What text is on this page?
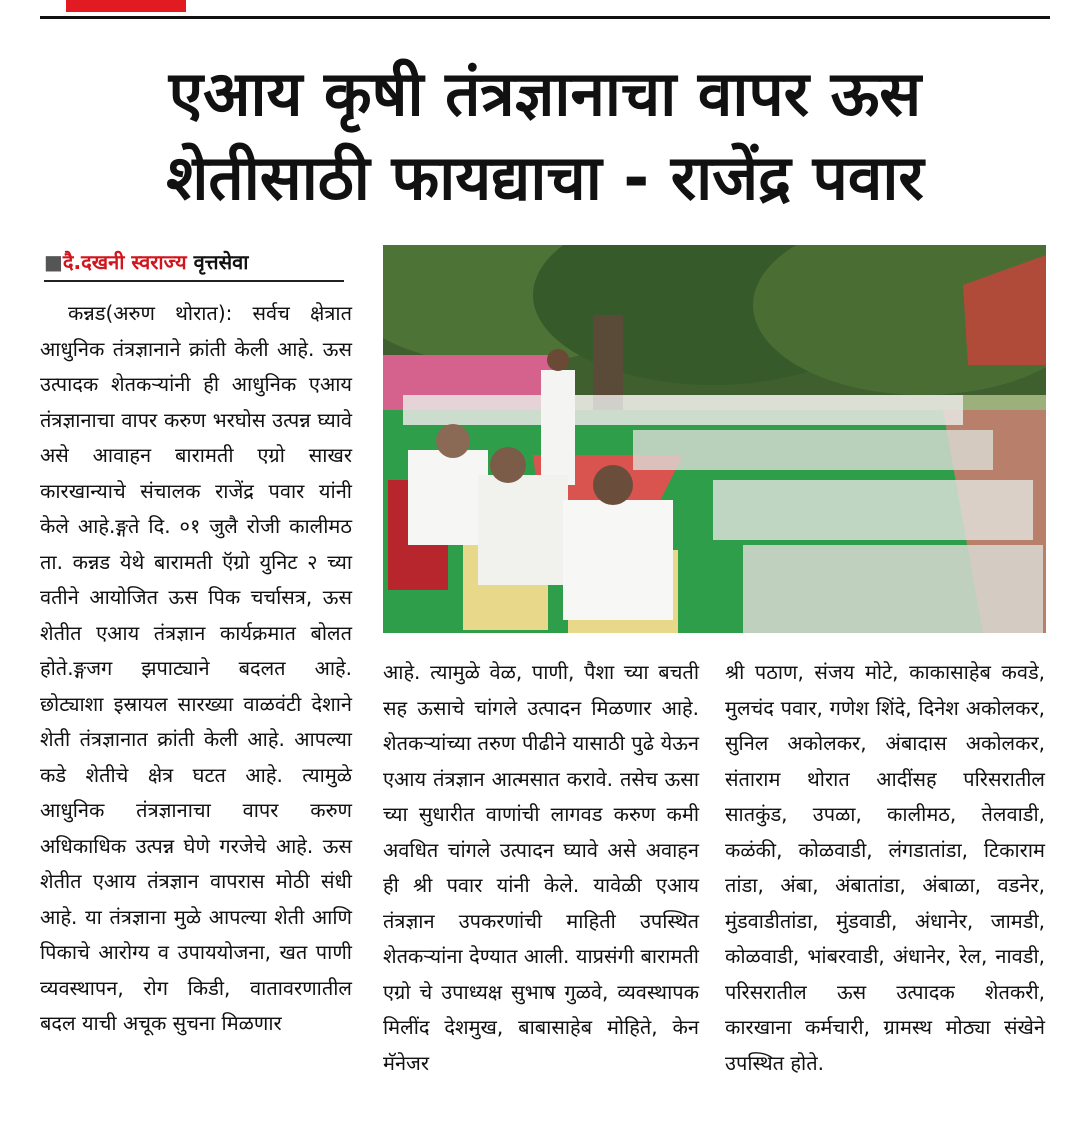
एआय कृषी तंत्रज्ञानाचा वापर ऊस
शेतीसाठी फायद्याचा - राजेंद्र पवार
■दै.दखनी स्वराज्य वृत्तसेवा

कन्नड(अरुण थोरात): सर्वच क्षेत्रात आधुनिक तंत्रज्ञानाने क्रांती केली आहे. ऊस उत्पादक शेतकऱ्यांनी ही आधुनिक एआय तंत्रज्ञानाचा वापर करुण भरघोस उत्पन्न घ्यावे असे आवाहन बारामती एग्रो साखर कारखान्याचे संचालक राजेंद्र पवार यांनी केले आहे.ङ्गते दि. ०१ जुलै रोजी कालीमठ ता. कन्नड येथे बारामती ऍग्रो युनिट २ च्या वतीने आयोजित ऊस पिक चर्चासत्र, ऊस शेतीत एआय तंत्रज्ञान कार्यक्रमात बोलत होते.ङ्गजग झपाट्याने बदलत आहे. छोट्याशा इस्रायल सारख्या वाळवंटी देशाने शेती तंत्रज्ञानात क्रांती केली आहे. आपल्या कडे शेतीचे क्षेत्र घटत आहे. त्यामुळे आधुनिक तंत्रज्ञानाचा वापर करुण अधिकाधिक उत्पन्न घेणे गरजेचे आहे. ऊस शेतीत एआय तंत्रज्ञान वापरास मोठी संधी आहे. या तंत्रज्ञाना मुळे आपल्या शेती आणि पिकाचे आरोग्य व उपाययोजना, खत पाणी व्यवस्थापन, रोग किडी, वातावरणातील बदल याची अचूक सुचना मिळणार

आहे. त्यामुळे वेळ, पाणी, पैशा च्या बचती सह ऊसाचे चांगले उत्पादन मिळणार आहे. शेतकऱ्यांच्या तरुण पीढीने यासाठी पुढे येऊन एआय तंत्रज्ञान आत्मसात करावे. तसेच ऊसा च्या सुधारीत वाणांची लागवड करुण कमी अवधित चांगले उत्पादन घ्यावे असे अवाहन ही श्री पवार यांनी केले. यावेळी एआय तंत्रज्ञान उपकरणांची माहिती उपस्थित शेतकऱ्यांना देण्यात आली. याप्रसंगी बारामती एग्रो चे उपाध्यक्ष सुभाष गुळवे, व्यवस्थापक मिलींद देशमुख, बाबासाहेब मोहिते, केन मॅनेजर

श्री पठाण, संजय मोटे, काकासाहेब कवडे, मुलचंद पवार, गणेश शिंदे, दिनेश अकोलकर, सुनिल अकोलकर, अंबादास अकोलकर, संताराम थोरात आदींसह परिसरातील सातकुंड, उपळा, कालीमठ, तेलवाडी, कळंकी, कोळवाडी, लंगडातांडा, टिकाराम तांडा, अंबा, अंबातांडा, अंबाळा, वडनेर, मुंडवाडीतांडा, मुंडवाडी, अंधानेर, जामडी, कोळवाडी, भांबरवाडी, अंधानेर, रेल, नावडी, परिसरातील ऊस उत्पादक शेतकरी, कारखाना कर्मचारी, ग्रामस्थ मोठ्या संखेने उपस्थित होते.
